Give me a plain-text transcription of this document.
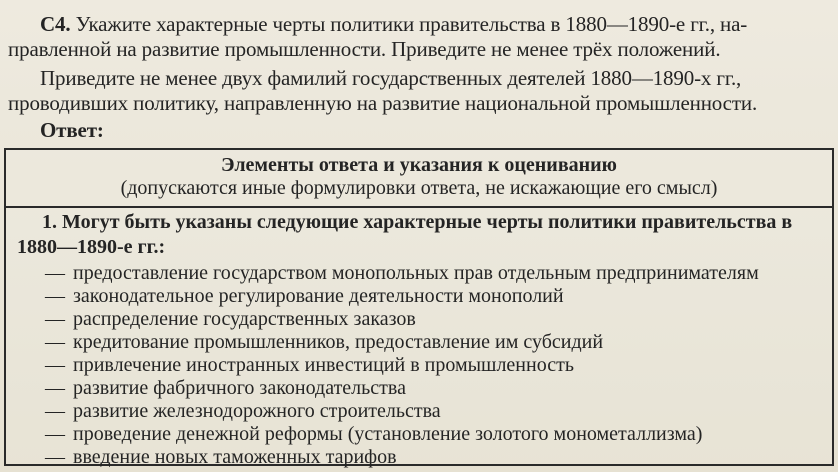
С4. Укажите характерные черты политики правительства в 1880—1890-е гг., на-
правленной на развитие промышленности. Приведите не менее трёх положений.
Приведите не менее двух фамилий государственных деятелей 1880—1890-х гг.,
проводивших политику, направленную на развитие национальной промышленности.
Ответ:
Элементы ответа и указания к оцениванию
(допускаются иные формулировки ответа, не искажающие его смысл)
1. Могут быть указаны следующие характерные черты политики правительства в
1880—1890-е гг.:
— предоставление государством монопольных прав отдельным предпринимателям
— законодательное регулирование деятельности монополий
— распределение государственных заказов
— кредитование промышленников, предоставление им субсидий
— привлечение иностранных инвестиций в промышленность
— развитие фабричного законодательства
— развитие железнодорожного строительства
— проведение денежной реформы (установление золотого монометаллизма)
— введение новых таможенных тарифов
